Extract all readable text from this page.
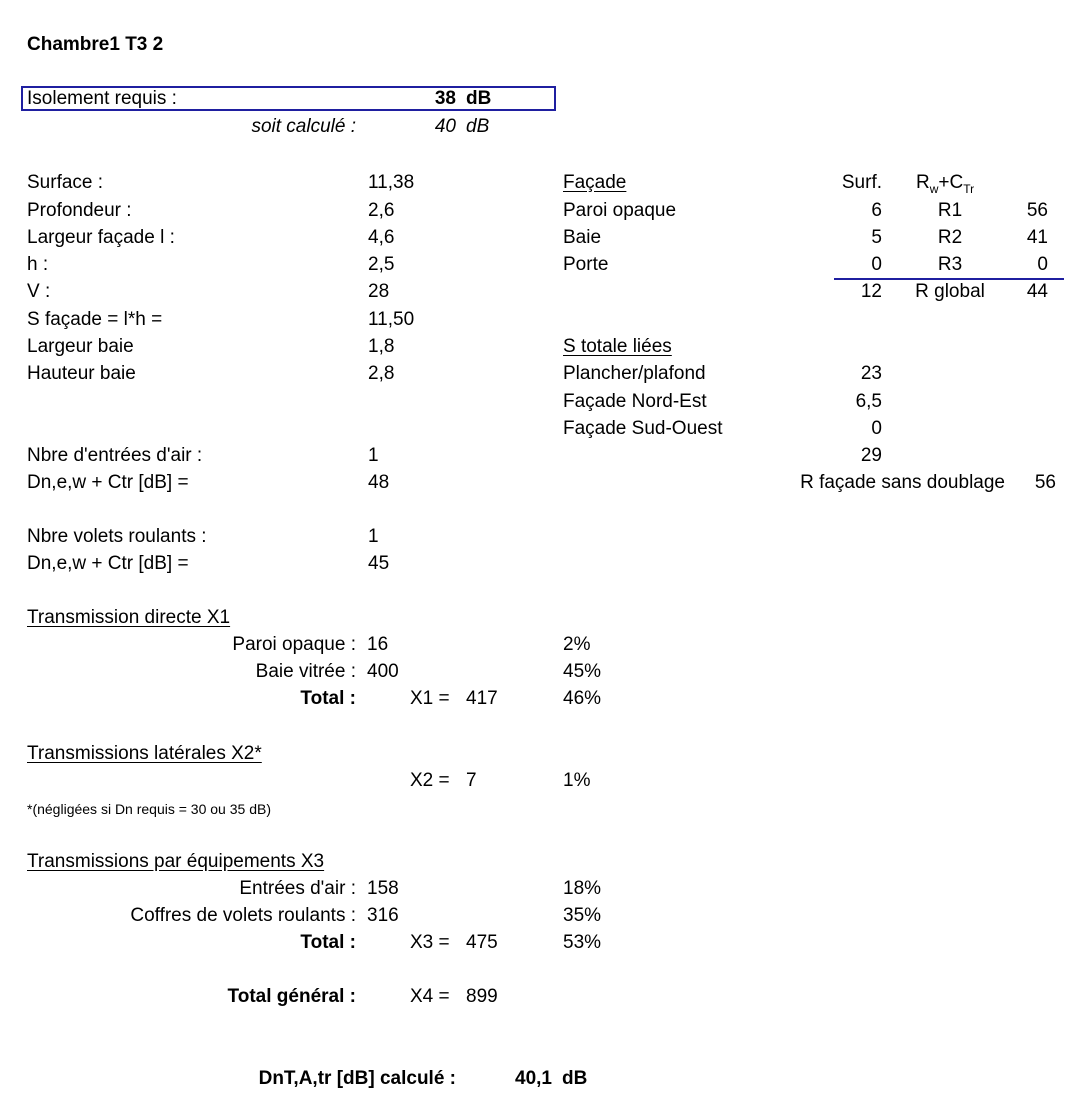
Chambre1 T3 2
Isolement requis :	38 dB
soit calculé :	40 dB
Surface :	11,38
Profondeur :	2,6
Largeur façade l :	4,6
h :	2,5
V :	28
S façade = l*h =	11,50
Largeur baie	1,8
Hauteur baie	2,8
Nbre d'entrées d'air :	1
Dn,e,w + Ctr [dB] =	48
Nbre volets roulants :	1
Dn,e,w + Ctr [dB] =	45
Façade	Surf. $R_w+C_{Tr}$
Paroi opaque	6	R1	56
Baie	5	R2	41
Porte	0	R3	0
12	R global	44
S totale liées
Plancher/plafond	23
Façade Nord-Est	6,5
Façade Sud-Ouest	0
29
R façade sans doublage	56
Transmission directe X1
Paroi opaque : 16	2%
Baie vitrée : 400	45%
Total :	X1 = 417	46%
Transmissions latérales X2*
X2 = 7	1%
*(négligées si Dn requis = 30 ou 35 dB)
Transmissions par équipements X3
Entrées d'air : 158	18%
Coffres de volets roulants : 316	35%
Total :	X3 = 475	53%
Total général :	X4 = 899
DnT,A,tr [dB] calculé :	40,1 dB
